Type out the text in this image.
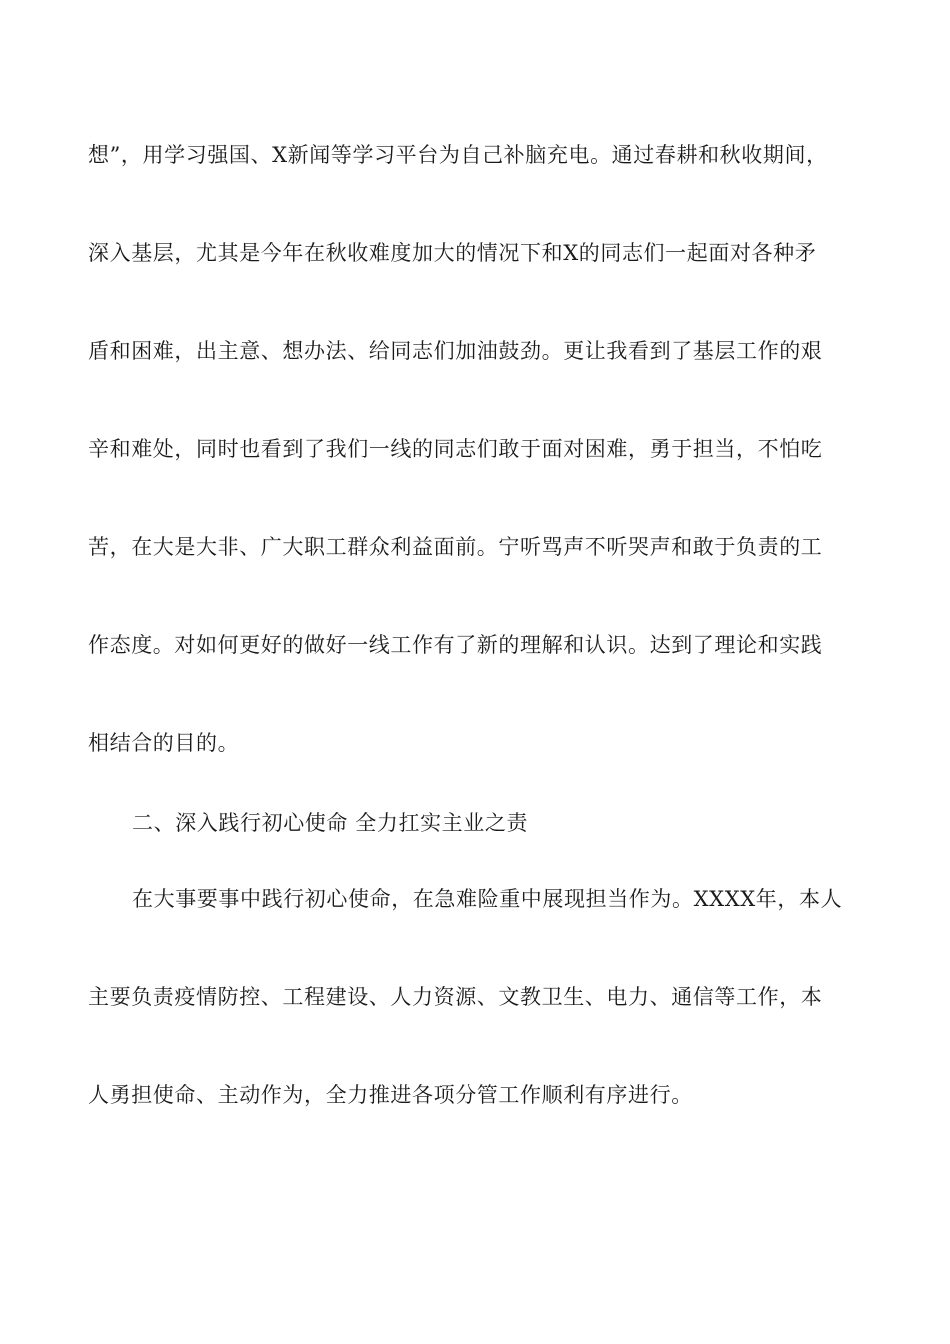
想”，用学习强国、X新闻等学习平台为自己补脑充电。通过春耕和秋收期间，
深入基层，尤其是今年在秋收难度加大的情况下和X的同志们一起面对各种矛
盾和困难，出主意、想办法、给同志们加油鼓劲。更让我看到了基层工作的艰
辛和难处，同时也看到了我们一线的同志们敢于面对困难，勇于担当，不怕吃
苦，在大是大非、广大职工群众利益面前。宁听骂声不听哭声和敢于负责的工
作态度。对如何更好的做好一线工作有了新的理解和认识。达到了理论和实践
相结合的目的。
二、深入践行初心使命 全力扛实主业之责
在大事要事中践行初心使命，在急难险重中展现担当作为。XXXX年，本人
主要负责疫情防控、工程建设、人力资源、文教卫生、电力、通信等工作，本
人勇担使命、主动作为，全力推进各项分管工作顺利有序进行。
